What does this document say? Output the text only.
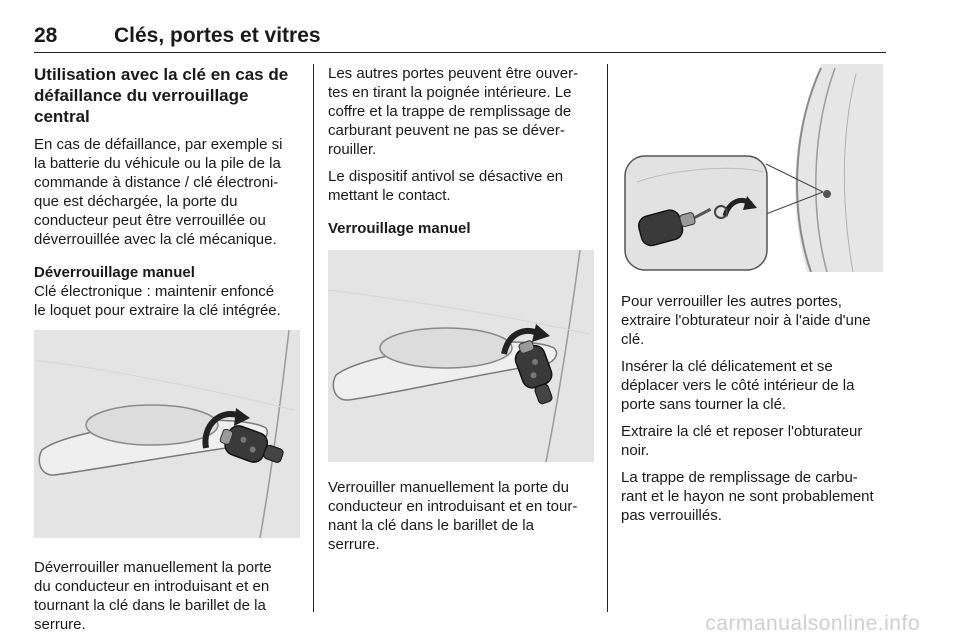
28	Clés, portes et vitres
Utilisation avec la clé en cas de
défaillance du verrouillage central

En cas de défaillance, par exemple si
la batterie du véhicule ou la pile de la
commande à distance / clé électroni-
que est déchargée, la porte du
conducteur peut être verrouillée ou
déverrouillée avec la clé mécanique.

Déverrouillage manuel

Clé électronique : maintenir enfoncé
le loquet pour extraire la clé intégrée.

Déverrouiller manuellement la porte
du conducteur en introduisant et en
tournant la clé dans le barillet de la
serrure.

Les autres portes peuvent être ouver-
tes en tirant la poignée intérieure. Le
coffre et la trappe de remplissage de
carburant peuvent ne pas se déver-
rouiller.

Le dispositif antivol se désactive en
mettant le contact.

Verrouillage manuel

Verrouiller manuellement la porte du
conducteur en introduisant et en tour-
nant la clé dans le barillet de la
serrure.

Pour verrouiller les autres portes,
extraire l'obturateur noir à l'aide d'une
clé.

Insérer la clé délicatement et se
déplacer vers le côté intérieur de la
porte sans tourner la clé.

Extraire la clé et reposer l'obturateur
noir.

La trappe de remplissage de carbu-
rant et le hayon ne sont probablement
pas verrouillés.

carmanualsonline.info
